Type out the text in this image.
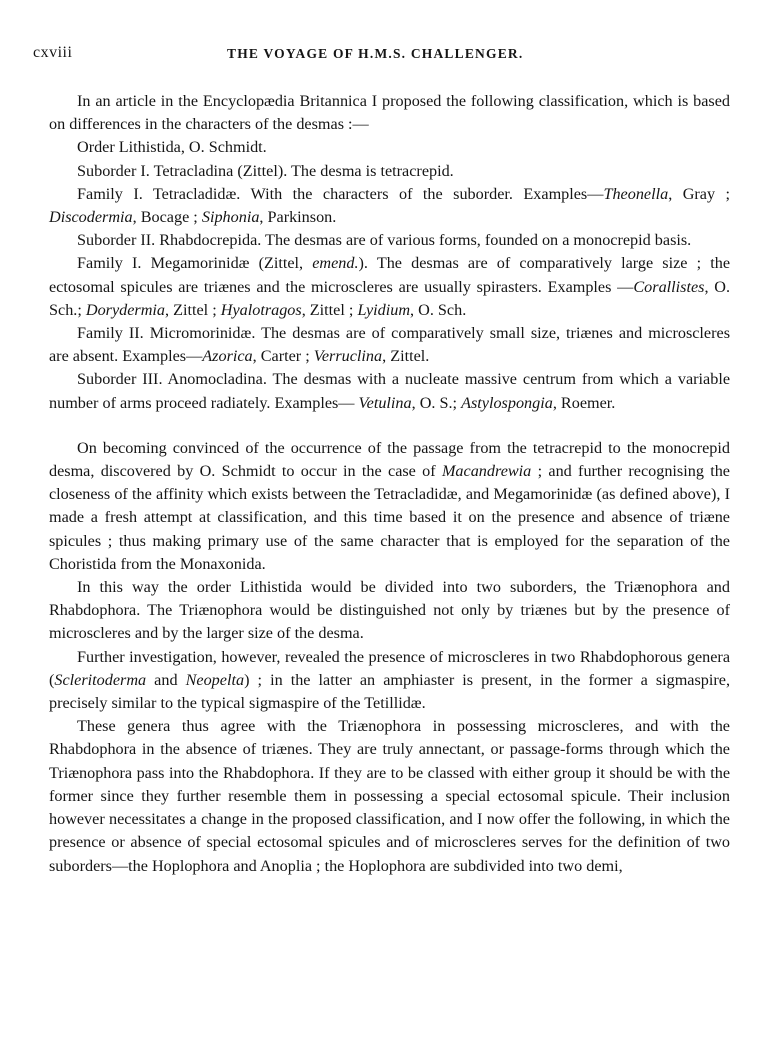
cxviii	THE VOYAGE OF H.M.S. CHALLENGER.

In an article in the Encyclopædia Britannica I proposed the following classification, which is based on differences in the characters of the desmas :—

Order Lithistida, O. Schmidt.

Suborder I. Tetracladina (Zittel). The desma is tetracrepid.

Family I. Tetracladidæ. With the characters of the suborder. Examples—Theonella, Gray ; Discodermia, Bocage ; Siphonia, Parkinson.

Suborder II. Rhabdocrepida. The desmas are of various forms, founded on a monocrepid basis.

Family I. Megamorinidæ (Zittel, emend.). The desmas are of comparatively large size ; the ectosomal spicules are triænes and the microscleres are usually spirasters. Examples —Corallistes, O. Sch.; Dorydermia, Zittel ; Hyalotragos, Zittel ; Lyidium, O. Sch.

Family II. Micromorinidæ. The desmas are of comparatively small size, triænes and microscleres are absent. Examples—Azorica, Carter ; Verruclina, Zittel.

Suborder III. Anomocladina. The desmas with a nucleate massive centrum from which a variable number of arms proceed radiately. Examples— Vetulina, O. S.; Astylospongia, Roemer.

On becoming convinced of the occurrence of the passage from the tetracrepid to the monocrepid desma, discovered by O. Schmidt to occur in the case of Macandrewia ; and further recognising the closeness of the affinity which exists between the Tetracladidæ, and Megamorinidæ (as defined above), I made a fresh attempt at classification, and this time based it on the presence and absence of triæne spicules ; thus making primary use of the same character that is employed for the separation of the Choristida from the Monaxonida.

In this way the order Lithistida would be divided into two suborders, the Triænophora and Rhabdophora. The Triænophora would be distinguished not only by triænes but by the presence of microscleres and by the larger size of the desma.

Further investigation, however, revealed the presence of microscleres in two Rhabdophorous genera (Scleritoderma and Neopelta) ; in the latter an amphiaster is present, in the former a sigmaspire, precisely similar to the typical sigmaspire of the Tetillidæ.

These genera thus agree with the Triænophora in possessing microscleres, and with the Rhabdophora in the absence of triænes. They are truly annectant, or passage-forms through which the Triænophora pass into the Rhabdophora. If they are to be classed with either group it should be with the former since they further resemble them in possessing a special ectosomal spicule. Their inclusion however necessitates a change in the proposed classification, and I now offer the following, in which the presence or absence of special ectosomal spicules and of microscleres serves for the definition of two suborders—the Hoplophora and Anoplia ; the Hoplophora are subdivided into two demi,
